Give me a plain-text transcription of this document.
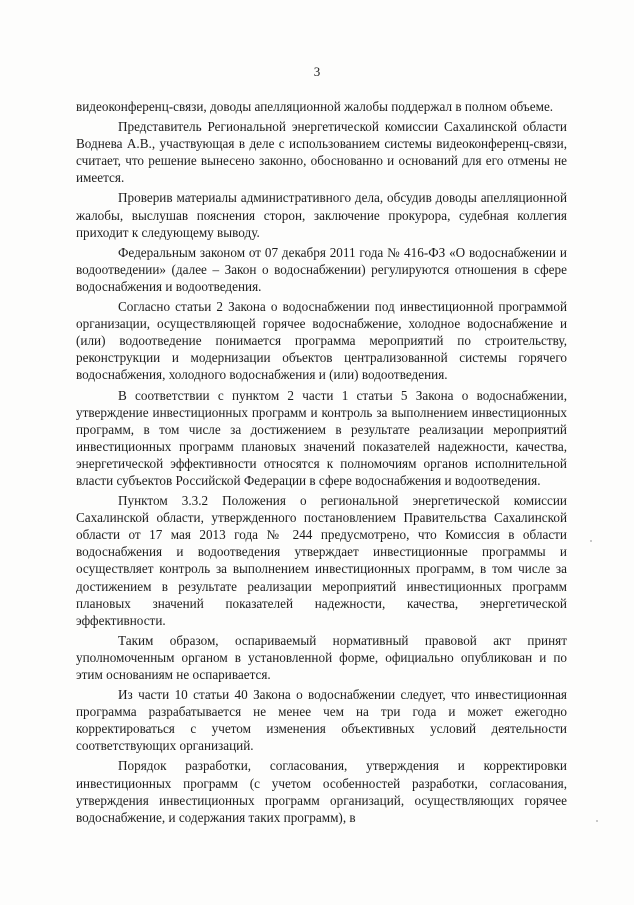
3

видеоконференц-связи, доводы апелляционной жалобы поддержал в полном объеме.

Представитель Региональной энергетической комиссии Сахалинской области Воднева А.В., участвующая в деле с использованием системы видеоконференц-связи, считает, что решение вынесено законно, обоснованно и оснований для его отмены не имеется.

Проверив материалы административного дела, обсудив доводы апелляционной жалобы, выслушав пояснения сторон, заключение прокурора, судебная коллегия приходит к следующему выводу.

Федеральным законом от 07 декабря 2011 года № 416-ФЗ «О водоснабжении и водоотведении» (далее – Закон о водоснабжении) регулируются отношения в сфере водоснабжения и водоотведения.

Согласно статьи 2 Закона о водоснабжении под инвестиционной программой организации, осуществляющей горячее водоснабжение, холодное водоснабжение и (или) водоотведение понимается программа мероприятий по строительству, реконструкции и модернизации объектов централизованной системы горячего водоснабжения, холодного водоснабжения и (или) водоотведения.

В соответствии с пунктом 2 части 1 статьи 5 Закона о водоснабжении, утверждение инвестиционных программ и контроль за выполнением инвестиционных программ, в том числе за достижением в результате реализации мероприятий инвестиционных программ плановых значений показателей надежности, качества, энергетической эффективности относятся к полномочиям органов исполнительной власти субъектов Российской Федерации в сфере водоснабжения и водоотведения.

Пунктом 3.3.2 Положения о региональной энергетической комиссии Сахалинской области, утвержденного постановлением Правительства Сахалинской области от 17 мая 2013 года № 244 предусмотрено, что Комиссия в области водоснабжения и водоотведения утверждает инвестиционные программы и осуществляет контроль за выполнением инвестиционных программ, в том числе за достижением в результате реализации мероприятий инвестиционных программ плановых значений показателей надежности, качества, энергетической эффективности.

Таким образом, оспариваемый нормативный правовой акт принят уполномоченным органом в установленной форме, официально опубликован и по этим основаниям не оспаривается.

Из части 10 статьи 40 Закона о водоснабжении следует, что инвестиционная программа разрабатывается не менее чем на три года и может ежегодно корректироваться с учетом изменения объективных условий деятельности соответствующих организаций.

Порядок разработки, согласования, утверждения и корректировки инвестиционных программ (с учетом особенностей разработки, согласования, утверждения инвестиционных программ организаций, осуществляющих горячее водоснабжение, и содержания таких программ), в
